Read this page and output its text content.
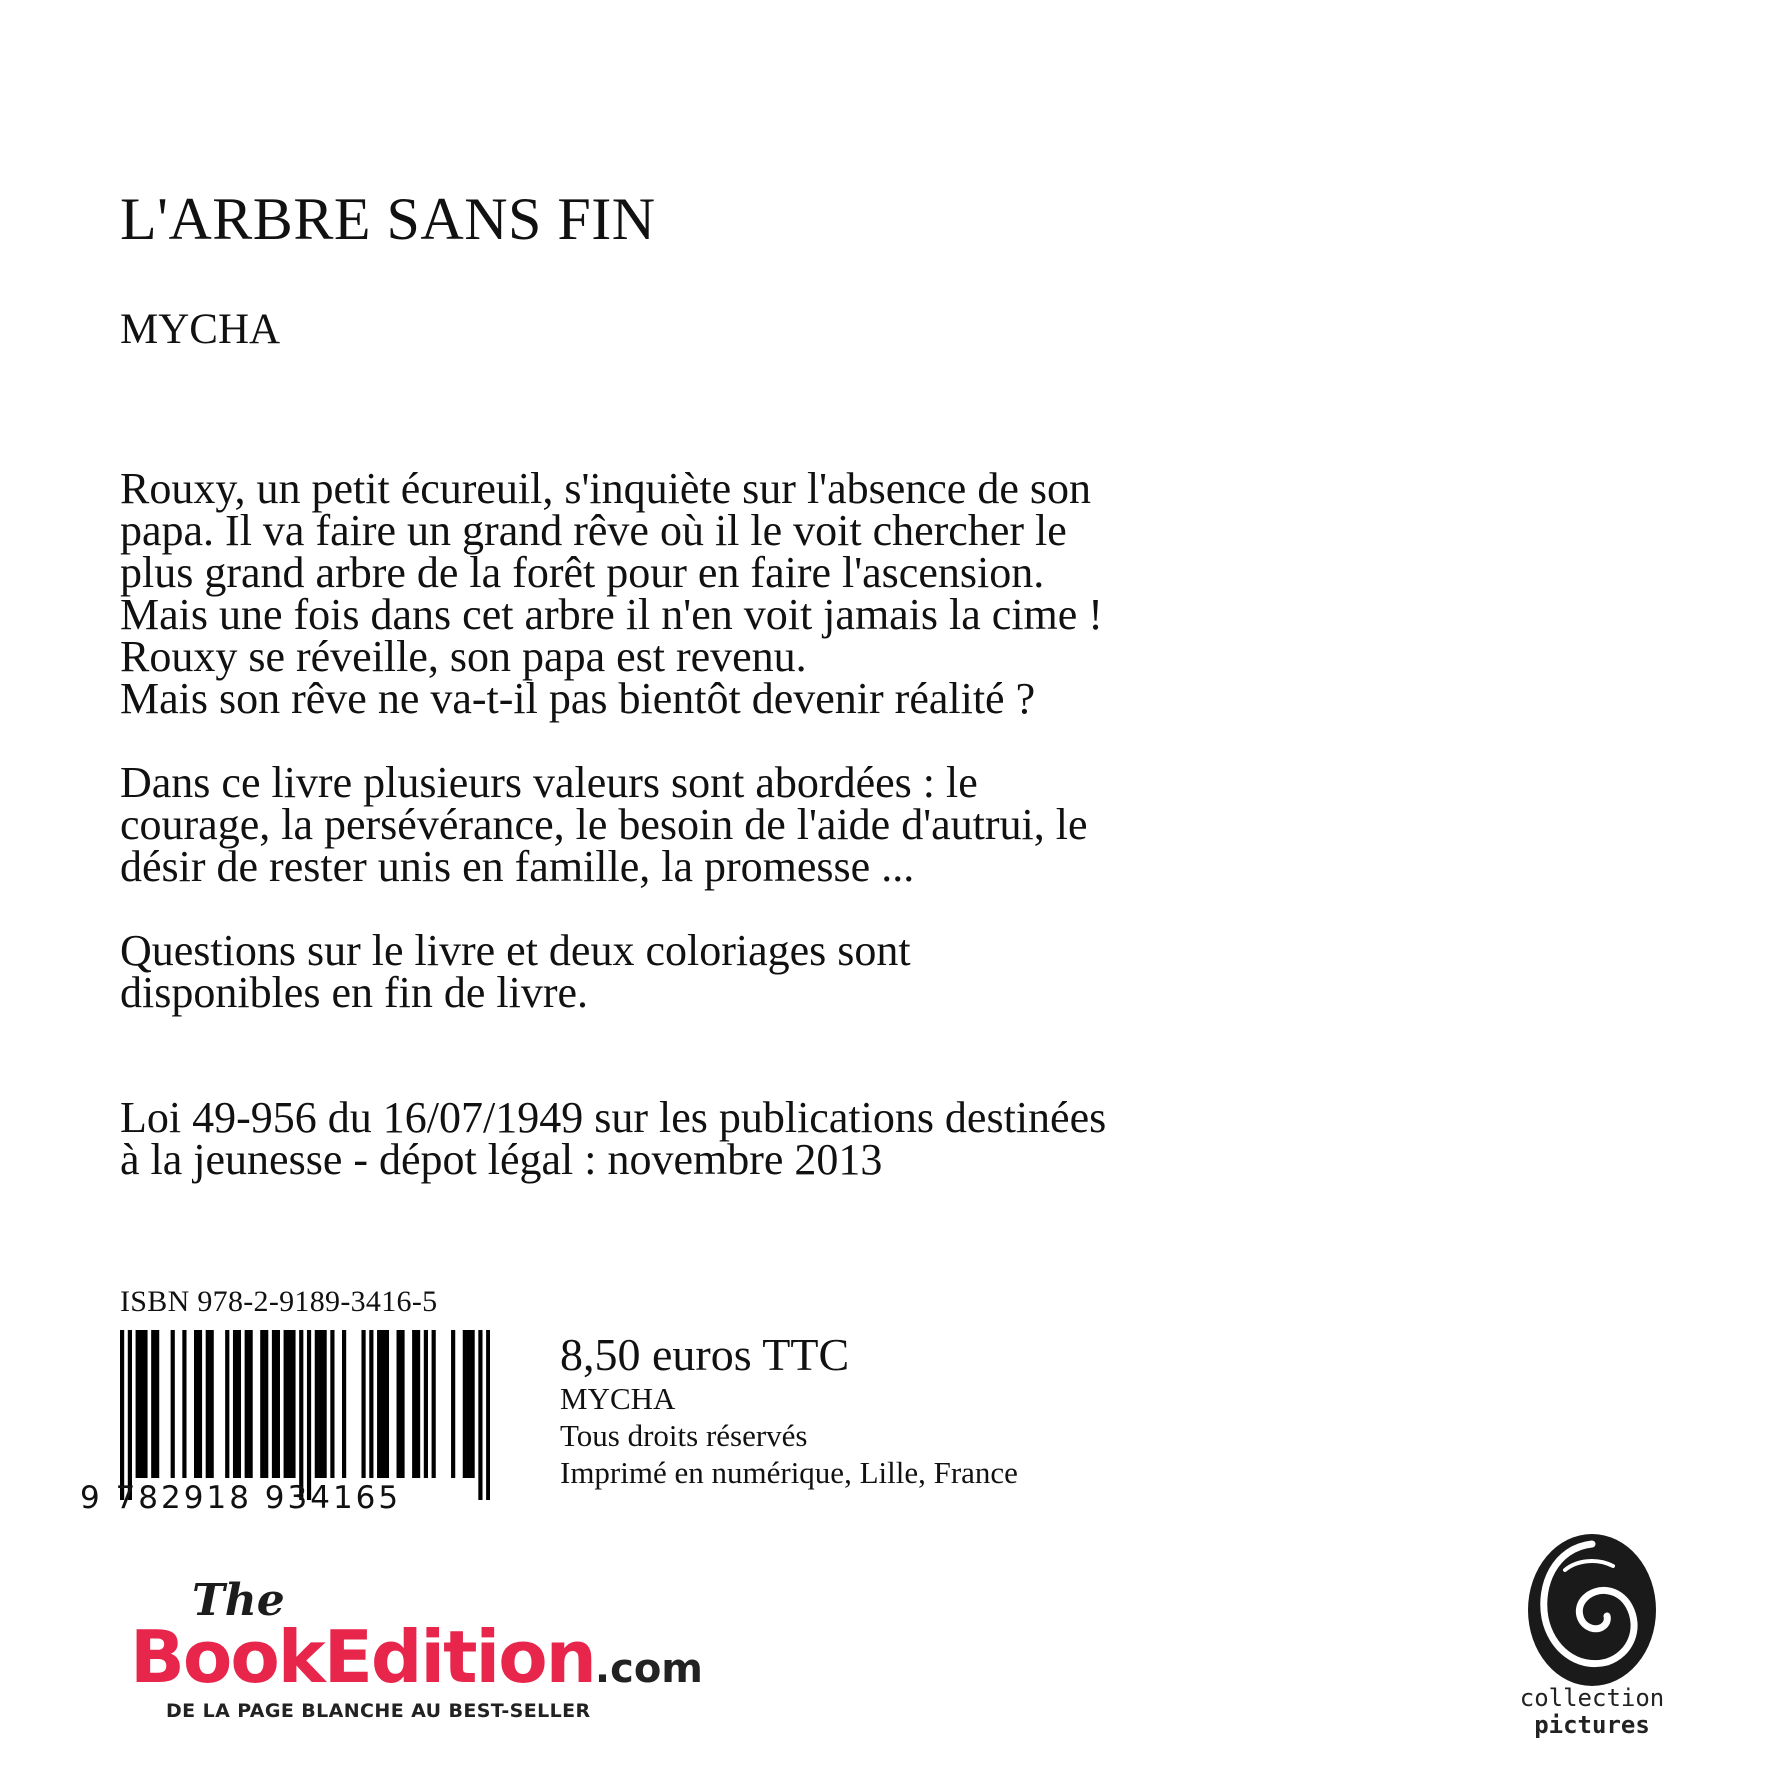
L'ARBRE SANS FIN
MYCHA
Rouxy, un petit écureuil, s'inquiète sur l'absence de son
papa. Il va faire un grand rêve où il le voit chercher le
plus grand arbre de la forêt pour en faire l'ascension.
Mais une fois dans cet arbre il n'en voit jamais la cime !
Rouxy se réveille, son papa est revenu.
Mais son rêve ne va-t-il pas bientôt devenir réalité ?
Dans ce livre plusieurs valeurs sont abordées : le
courage, la persévérance, le besoin de l'aide d'autrui, le
désir de rester unis en famille, la promesse ...
Questions sur le livre et deux coloriages sont
disponibles en fin de livre.
Loi 49-956 du 16/07/1949 sur les publications destinées
à la jeunesse - dépot légal : novembre 2013
ISBN 978-2-9189-3416-5
9 782918 934165
8,50 euros TTC
MYCHA
Tous droits réservés
Imprimé en numérique, Lille, France
The
BookEdition.com
DE LA PAGE BLANCHE AU BEST-SELLER	collection
pictures
